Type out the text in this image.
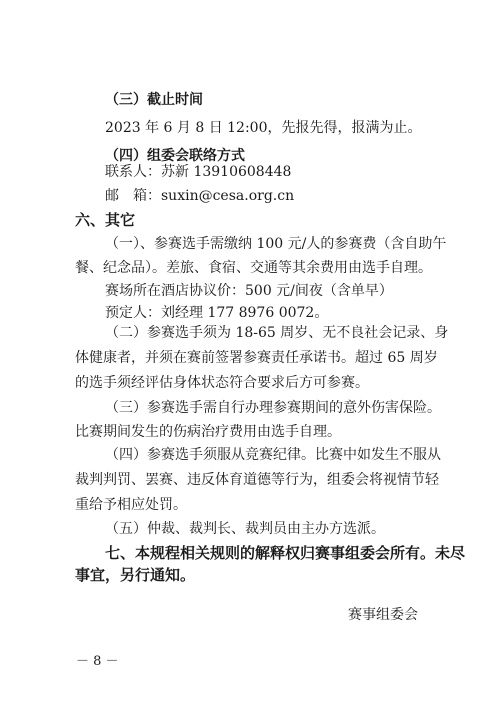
（三）截止时间
2023 年 6 月 8 日 12:00，先报先得，报满为止。
（四）组委会联络方式
联系人：苏新 13910608448
邮　箱：suxin@cesa.org.cn
六、其它
（一）、参赛选手需缴纳 100 元/人的参赛费（含自助午
餐、纪念品）。差旅、食宿、交通等其余费用由选手自理。
赛场所在酒店协议价：500 元/间夜（含单早）
预定人：刘经理 177 8976 0072。
（二）参赛选手须为 18-65 周岁、无不良社会记录、身
体健康者，并须在赛前签署参赛责任承诺书。超过 65 周岁
的选手须经评估身体状态符合要求后方可参赛。
（三）参赛选手需自行办理参赛期间的意外伤害保险。
比赛期间发生的伤病治疗费用由选手自理。
（四）参赛选手须服从竞赛纪律。比赛中如发生不服从
裁判判罚、罢赛、违反体育道德等行为，组委会将视情节轻
重给予相应处罚。
（五）仲裁、裁判长、裁判员由主办方选派。
七、本规程相关规则的解释权归赛事组委会所有。未尽
事宜，另行通知。
赛事组委会
－ 8 －
